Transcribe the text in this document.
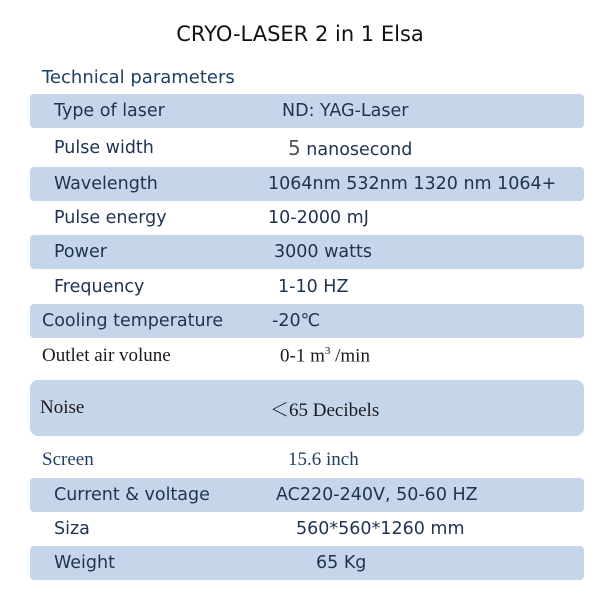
CRYO-LASER 2 in 1 Elsa
Technical parameters
Type of laser	ND: YAG-Laser
Pulse width	5 nanosecond
Wavelength	1064nm 532nm 1320 nm 1064+
Pulse energy	10-2000 mJ
Power	3000 watts
Frequency	1-10 HZ
Cooling temperature	-20℃
Outlet air volune	0-1 $m^3$ /min
Noise	＜65 Decibels
Screen	15.6 inch
Current & voltage	AC220-240V, 50-60 HZ
Siza	560*560*1260 mm
Weight	65 Kg
